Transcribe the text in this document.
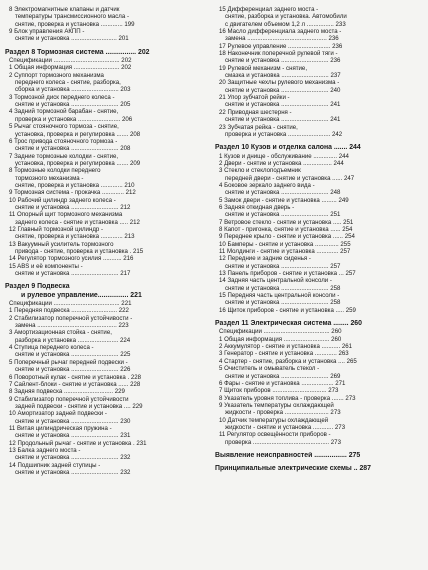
8 Электромагнитные клапаны и датчик
температуры трансмиссионного масла -
снятие, проверка и установка ............. 199
9 Блок управления АКПП -
снятие и установка ........................... 201
Раздел 8 Тормозная система ................ 202
Спецификации ....................................... 202
1 Общая информация ........................... 202
2 Суппорт тормозного механизма
переднего колеса - снятие, разборка,
сборка и установка ............................ 203
3 Тормозной диск переднего колеса -
снятие и установка ............................ 205
4 Задний тормозной барабан - снятие,
проверка и установка ......................... 206
5 Рычаг стояночного тормоза - снятие,
установка, проверка и регулировка ....... 208
6 Трос привода стояночного тормоза -
снятие и установка ............................ 208
7 Задние тормозные колодки - снятие,
установка, проверка и регулировка ....... 209
8 Тормозные колодки переднего
тормозного механизма -
снятие, проверка и установка ............. 210
9 Тормозная система - прокачка ............. 212
10 Рабочий цилиндр заднего колеса -
снятие и установка ............................ 212
11 Опорный щит тормозного механизма
заднего колеса - снятие и установка ..... 212
12 Главный тормозной цилиндр -
снятие, проверка и установка ............. 213
13 Вакуумный усилитель тормозного
привода - снятие, проверка и установка . 215
14 Регулятор тормозного усилия ........... 216
15 ABS и её компоненты -
снятие и установка ............................ 217
Раздел 9 Подвеска
и рулевое управление................ 221
Спецификации ....................................... 221
1 Передняя подвеска ........................... 222
2 Стабилизатор поперечной устойчивости -
замена ............................................... 223
3 Амортизационная стойка - снятие,
разборка и установка ........................ 224
4 Ступица переднего колеса -
снятие и установка ............................ 225
5 Поперечный рычаг передней подвески -
снятие и установка ............................ 226
6 Поворотный кулак - снятие и установка . 228
7 Сайлент-блоки - снятие и установка ...... 228
8 Задняя подвеска ............................. 229
9 Стабилизатор поперечной устойчивости
задней подвески - снятие и установка .... 229
10 Амортизатор задней подвески -
снятие и установка ............................ 230
11 Витая цилиндрическая пружина -
снятие и установка ............................ 231
12 Продольный рычаг - снятие и установка . 231
13 Балка заднего моста -
снятие и установка ............................ 232
14 Подшипник задней ступицы -
снятие и установка ............................ 232
15 Дифференциал заднего моста -
снятие, разборка и установка. Автомобили
с двигателем объемом 1,2 л ................ 233
16 Масло дифференциала заднего моста -
замена ............................................... 236
17 Рулевое управление ......................... 236
18 Наконечник поперечной рулевой тяги -
снятие и установка ............................ 236
19 Рулевой механизм - снятие,
смазка и установка ............................ 237
20 Защитные чехлы рулевого механизма -
снятие и установка ............................ 240
21 Упор зубчатой рейки -
снятие и установка ............................ 241
22 Приводная шестерня -
снятие и установка ............................ 241
23 Зубчатая рейка - снятие,
проверка и установка ......................... 242
Раздел 10 Кузов и отделка салона ....... 244
1 Кузов и днище - обслуживание .............. 244
2 Двери - снятие и установка ................. 244
3 Стекло и стеклоподъемник
передней двери - снятие и установка ...... 247
4 Боковое зеркало заднего вида -
снятие и установка ............................ 248
5 Замок двери - снятие и установка ......... 249
6 Задняя откидная дверь -
снятие и установка ............................ 251
7 Ветровое стекло - снятие и установка ..... 251
8 Капот - пригонка, снятие и установка ...... 254
9 Переднее крыло - снятие и установка ...... 254
10 Бамперы - снятие и установка .............. 255
11 Молдинги - снятие и установка ............. 257
12 Передние и задние сиденья -
снятие и установка ............................ 257
13 Панель приборов - снятие и установка ... 257
14 Задняя часть центральной консоли -
снятие и установка ............................ 258
15 Передняя часть центральной консоли -
снятие и установка ............................ 258
16 Щиток приборов - снятие и установка ..... 259
Раздел 11 Электрическая система ........ 260
Спецификации ....................................... 260
1 Общая информация ........................... 260
2 Аккумулятор - снятие и установка ........... 261
3 Генератор - снятие и установка ............. 263
4 Стартер - снятие, разборка и установка .... 265
5 Очиститель и омыватель стекол -
снятие и установка ............................ 269
6 Фары - снятие и установка ................... 271
7 Щиток приборов ................................ 273
8 Указатель уровня топлива - проверка ....... 273
9 Указатель температуры охлаждающей
жидкости - проверка .......................... 273
10 Датчик температуры охлаждающей
жидкости - снятие и установка ............ 273
11 Регулятор освещённости приборов -
проверка ............................................. 273
Выявление неисправностей ................. 275
Принципиальные электрические схемы .. 287
